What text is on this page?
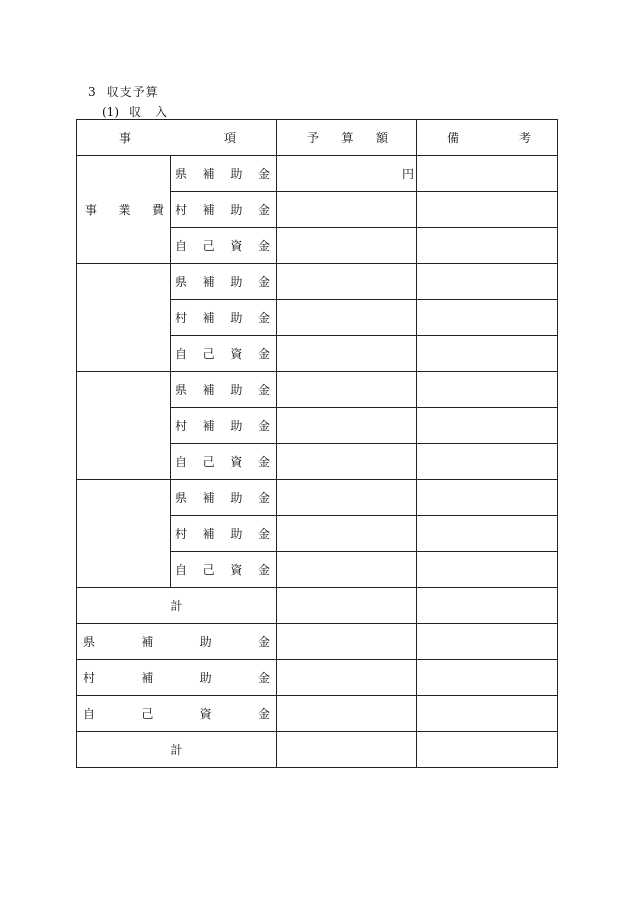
3 収支予算
(1) 収入
事 項		予 算 額	備 考

事 業 費	県 補 助 金	円	

	村 補 助 金		

	自 己 資 金		

	県 補 助 金		

	村 補 助 金		

	自 己 資 金		

	県 補 助 金		

	村 補 助 金		

	自 己 資 金		

	県 補 助 金		

	村 補 助 金		

	自 己 資 金		

計			

県 補 助 金			

村 補 助 金			

自 己 資 金			

計			
